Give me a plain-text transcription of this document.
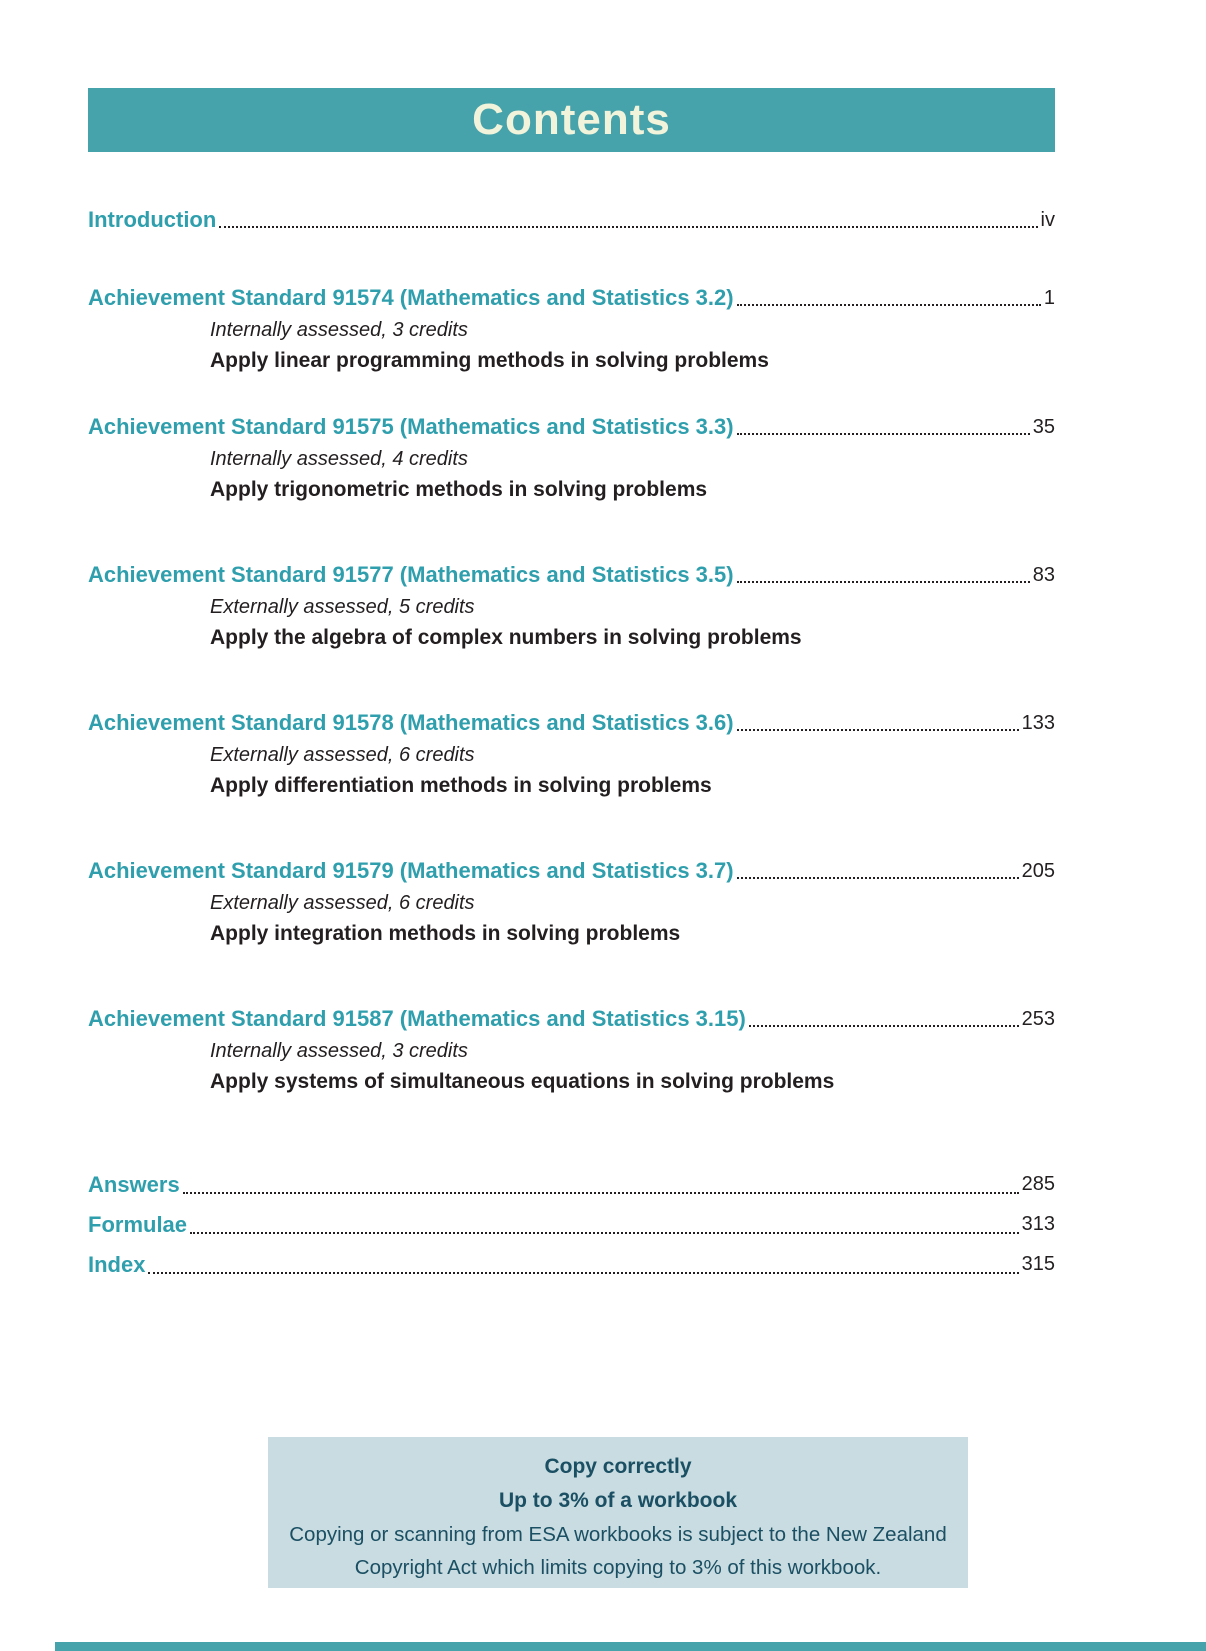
Contents
Introduction	iv
Achievement Standard 91574 (Mathematics and Statistics 3.2)	1
Internally assessed, 3 credits
Apply linear programming methods in solving problems
Achievement Standard 91575 (Mathematics and Statistics 3.3)	35
Internally assessed, 4 credits
Apply trigonometric methods in solving problems
Achievement Standard 91577 (Mathematics and Statistics 3.5)	83
Externally assessed, 5 credits
Apply the algebra of complex numbers in solving problems
Achievement Standard 91578 (Mathematics and Statistics 3.6)	133
Externally assessed, 6 credits
Apply differentiation methods in solving problems
Achievement Standard 91579 (Mathematics and Statistics 3.7)	205
Externally assessed, 6 credits
Apply integration methods in solving problems
Achievement Standard 91587 (Mathematics and Statistics 3.15)	253
Internally assessed, 3 credits
Apply systems of simultaneous equations in solving problems
Answers	285
Formulae	313
Index	315
Copy correctly
Up to 3% of a workbook
Copying or scanning from ESA workbooks is subject to the New Zealand
Copyright Act which limits copying to 3% of this workbook.
